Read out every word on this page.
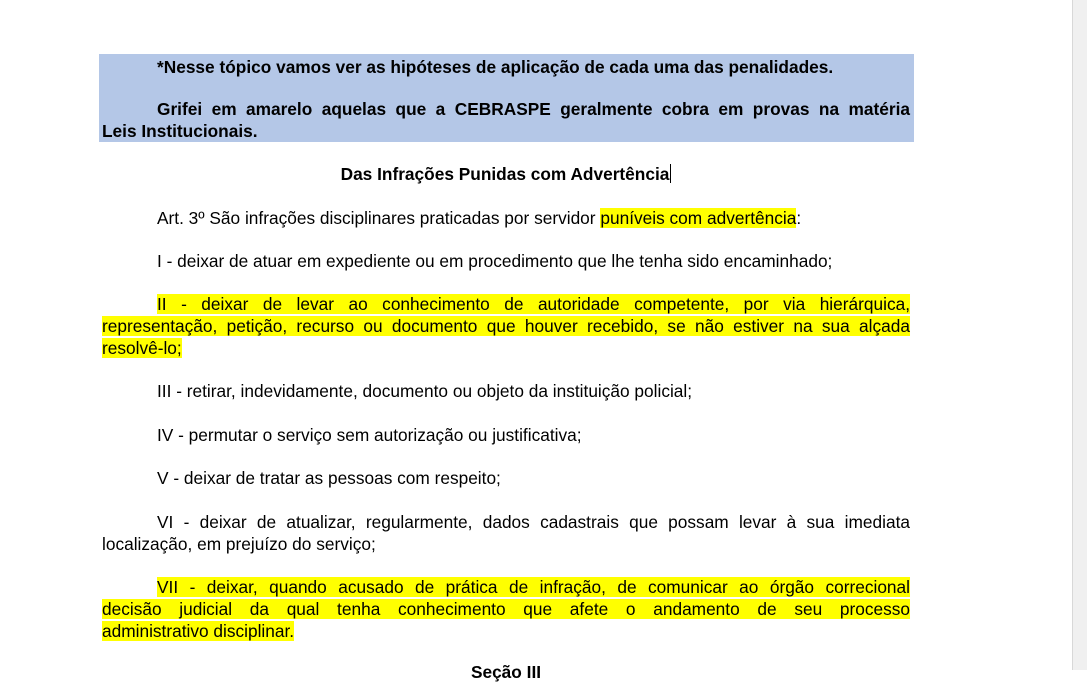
*Nesse tópico vamos ver as hipóteses de aplicação de cada uma das penalidades.
Grifei em amarelo aquelas que a CEBRASPE geralmente cobra em provas na matéria
Leis Institucionais.
Das Infrações Punidas com Advertência
Art. 3º São infrações disciplinares praticadas por servidor puníveis com advertência:
I - deixar de atuar em expediente ou em procedimento que lhe tenha sido encaminhado;
II - deixar de levar ao conhecimento de autoridade competente, por via hierárquica,
representação, petição, recurso ou documento que houver recebido, se não estiver na sua alçada
resolvê-lo;
III - retirar, indevidamente, documento ou objeto da instituição policial;
IV - permutar o serviço sem autorização ou justificativa;
V - deixar de tratar as pessoas com respeito;
VI - deixar de atualizar, regularmente, dados cadastrais que possam levar à sua imediata
localização, em prejuízo do serviço;
VII - deixar, quando acusado de prática de infração, de comunicar ao órgão correcional
decisão judicial da qual tenha conhecimento que afete o andamento de seu processo
administrativo disciplinar.
Seção III
